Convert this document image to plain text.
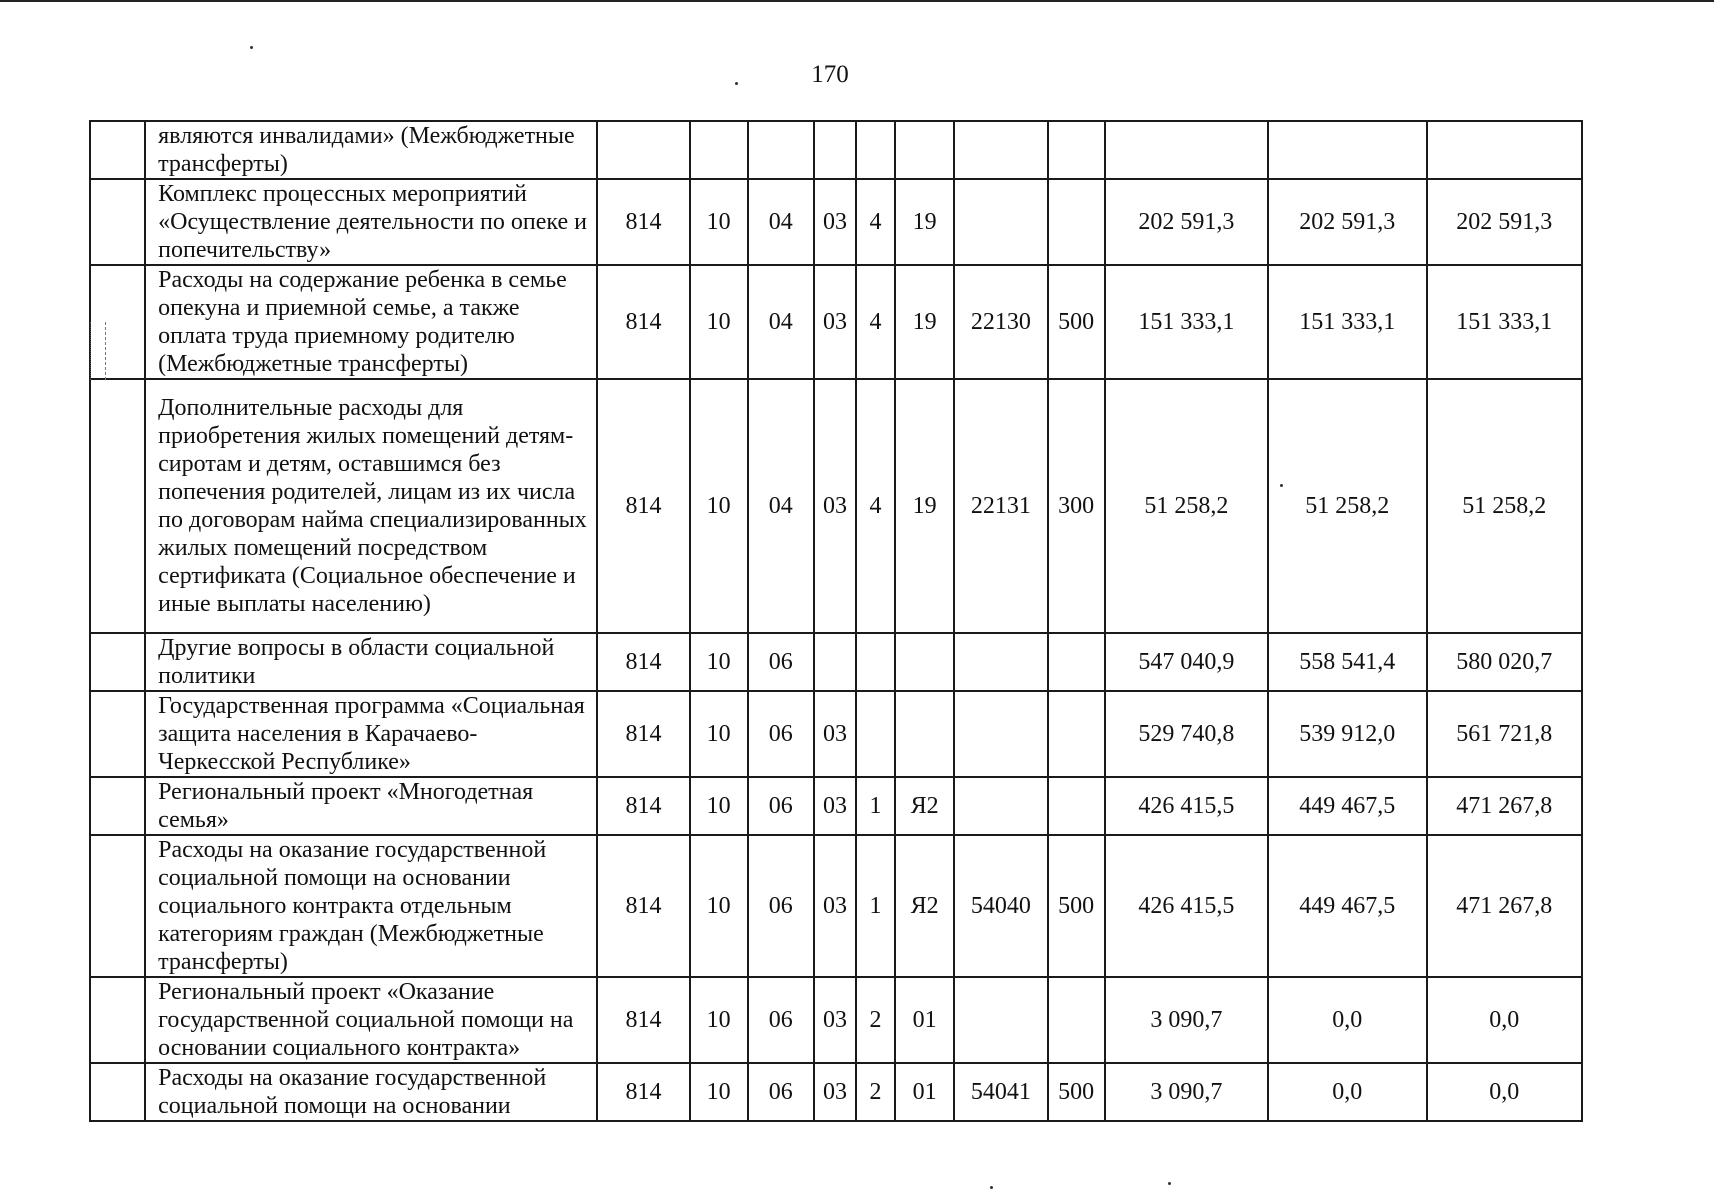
170
	являются инвалидами» (Межбюджетные трансферты)											
	Комплекс процессных мероприятий «Осуществление деятельности по опеке и попечительству»	814	10	04	03	4	19			202 591,3	202 591,3	202 591,3
	Расходы на содержание ребенка в семье опекуна и приемной семье, а также оплата труда приемному родителю (Межбюджетные трансферты)	814	10	04	03	4	19	22130	500	151 333,1	151 333,1	151 333,1
	Дополнительные расходы для приобретения жилых помещений детям-сиротам и детям, оставшимся без попечения родителей, лицам из их числа по договорам найма специализированных жилых помещений посредством сертификата (Социальное обеспечение и иные выплаты населению)	814	10	04	03	4	19	22131	300	51 258,2	51 258,2	51 258,2
	Другие вопросы в области социальной политики	814	10	06						547 040,9	558 541,4	580 020,7
	Государственная программа «Социальная защита населения в Карачаево-Черкесской Республике»	814	10	06	03					529 740,8	539 912,0	561 721,8
	Региональный проект «Многодетная семья»	814	10	06	03	1	Я2			426 415,5	449 467,5	471 267,8
	Расходы на оказание государственной социальной помощи на основании социального контракта отдельным категориям граждан (Межбюджетные трансферты)	814	10	06	03	1	Я2	54040	500	426 415,5	449 467,5	471 267,8
	Региональный проект «Оказание государственной социальной помощи на основании социального контракта»	814	10	06	03	2	01			3 090,7	0,0	0,0
	Расходы на оказание государственной социальной помощи на основании	814	10	06	03	2	01	54041	500	3 090,7	0,0	0,0
